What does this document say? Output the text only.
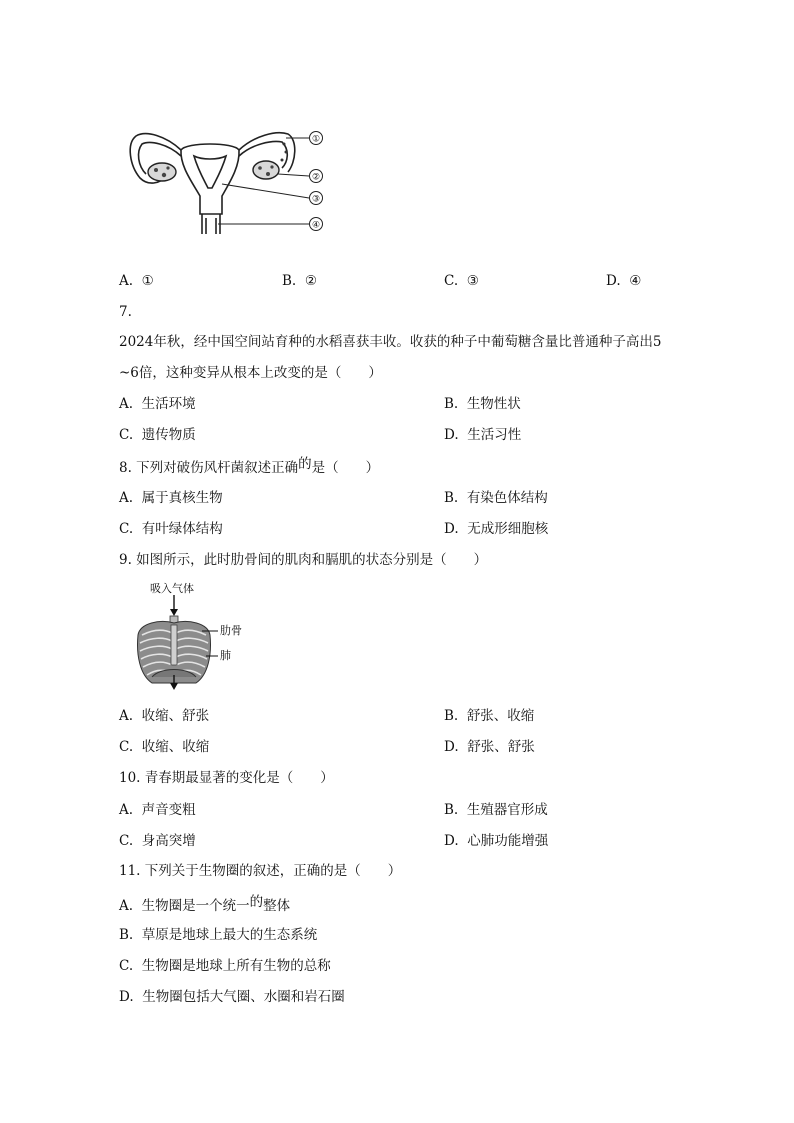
①
②
③
④
A. ①	B. ②	C. ③	D. ④
7.
2024年秋，经中国空间站育种的水稻喜获丰收。收获的种子中葡萄糖含量比普通种子高出5
~6倍，这种变异从根本上改变的是（　　）
A. 生活环境	B. 生物性状
C. 遗传物质	D. 生活习性
8. 下列对破伤风杆菌叙述正确的是（　　）
A. 属于真核生物	B. 有染色体结构
C. 有叶绿体结构	D. 无成形细胞核
9. 如图所示，此时肋骨间的肌肉和膈肌的状态分别是（　　）
吸入气体
肋骨
肺
A. 收缩、舒张	B. 舒张、收缩
C. 收缩、收缩	D. 舒张、舒张
10. 青春期最显著的变化是（　　）
A. 声音变粗	B. 生殖器官形成
C. 身高突增	D. 心肺功能增强
11. 下列关于生物圈的叙述，正确的是（　　）
A. 生物圈是一个统一的整体
B. 草原是地球上最大的生态系统
C. 生物圈是地球上所有生物的总称
D. 生物圈包括大气圈、水圈和岩石圈
